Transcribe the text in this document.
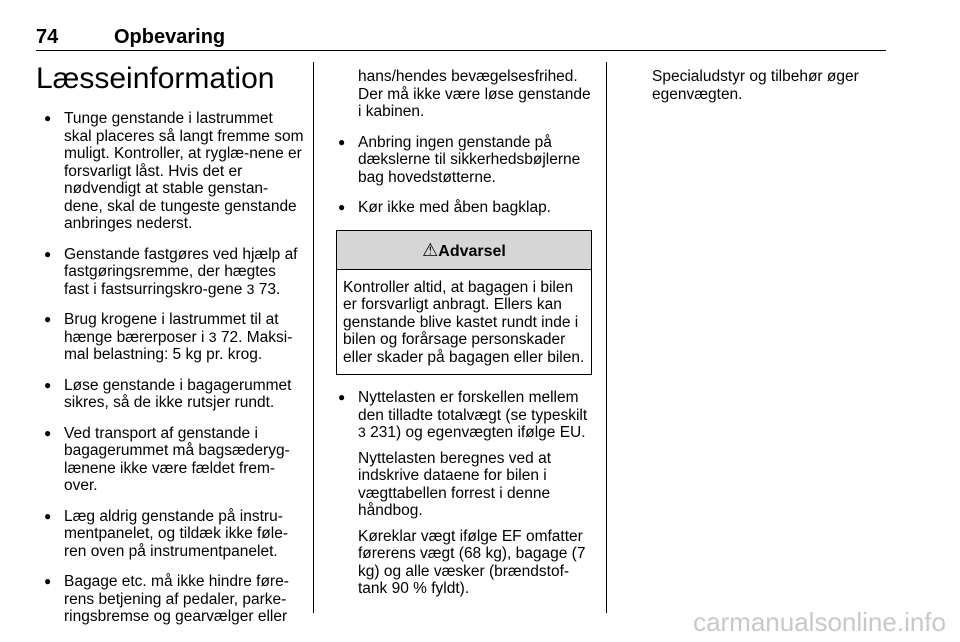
74	Opbevaring
Læsseinformation
● Tunge genstande i lastrummet skal placeres så langt fremme som muligt. Kontroller, at ryglæ-nene er forsvarligt låst. Hvis det er nødvendigt at stable genstan-dene, skal de tungeste genstande anbringes nederst.
● Genstande fastgøres ved hjælp af fastgøringsremme, der hægtes fast i fastsurringskro-gene 3 73.
● Brug krogene i lastrummet til at hænge bærerposer i 3 72. Maksi-mal belastning: 5 kg pr. krog.
● Løse genstande i bagagerummet sikres, så de ikke rutsjer rundt.
● Ved transport af genstande i bagagerummet må bagsæderyg-lænene ikke være fældet frem-over.
● Læg aldrig genstande på instru-mentpanelet, og tildæk ikke føle-ren oven på instrumentpanelet.
● Bagage etc. må ikke hindre føre-rens betjening af pedaler, parke-ringsbremse og gearvælger eller

hans/hendes bevægelsesfrihed. Der må ikke være løse genstande i kabinen.

● Anbring ingen genstande på dækslerne til sikkerhedsbøjlerne bag hovedstøtterne.
● Kør ikke med åben bagklap.
⚠Advarsel
Kontroller altid, at bagagen i bilen er forsvarligt anbragt. Ellers kan genstande blive kastet rundt inde i bilen og forårsage personskader eller skader på bagagen eller bilen.

● Nyttelasten er forskellen mellem den tilladte totalvægt (se typeskilt 3 231) og egenvægten ifølge EU.

Nyttelasten beregnes ved at indskrive dataene for bilen i vægttabellen forrest i denne håndbog.

Køreklar vægt ifølge EF omfatter førerens vægt (68 kg), bagage (7 kg) og alle væsker (brændstof-tank 90 % fyldt).

Specialudstyr og tilbehør øger egenvægten.

carmanualsonline.info
